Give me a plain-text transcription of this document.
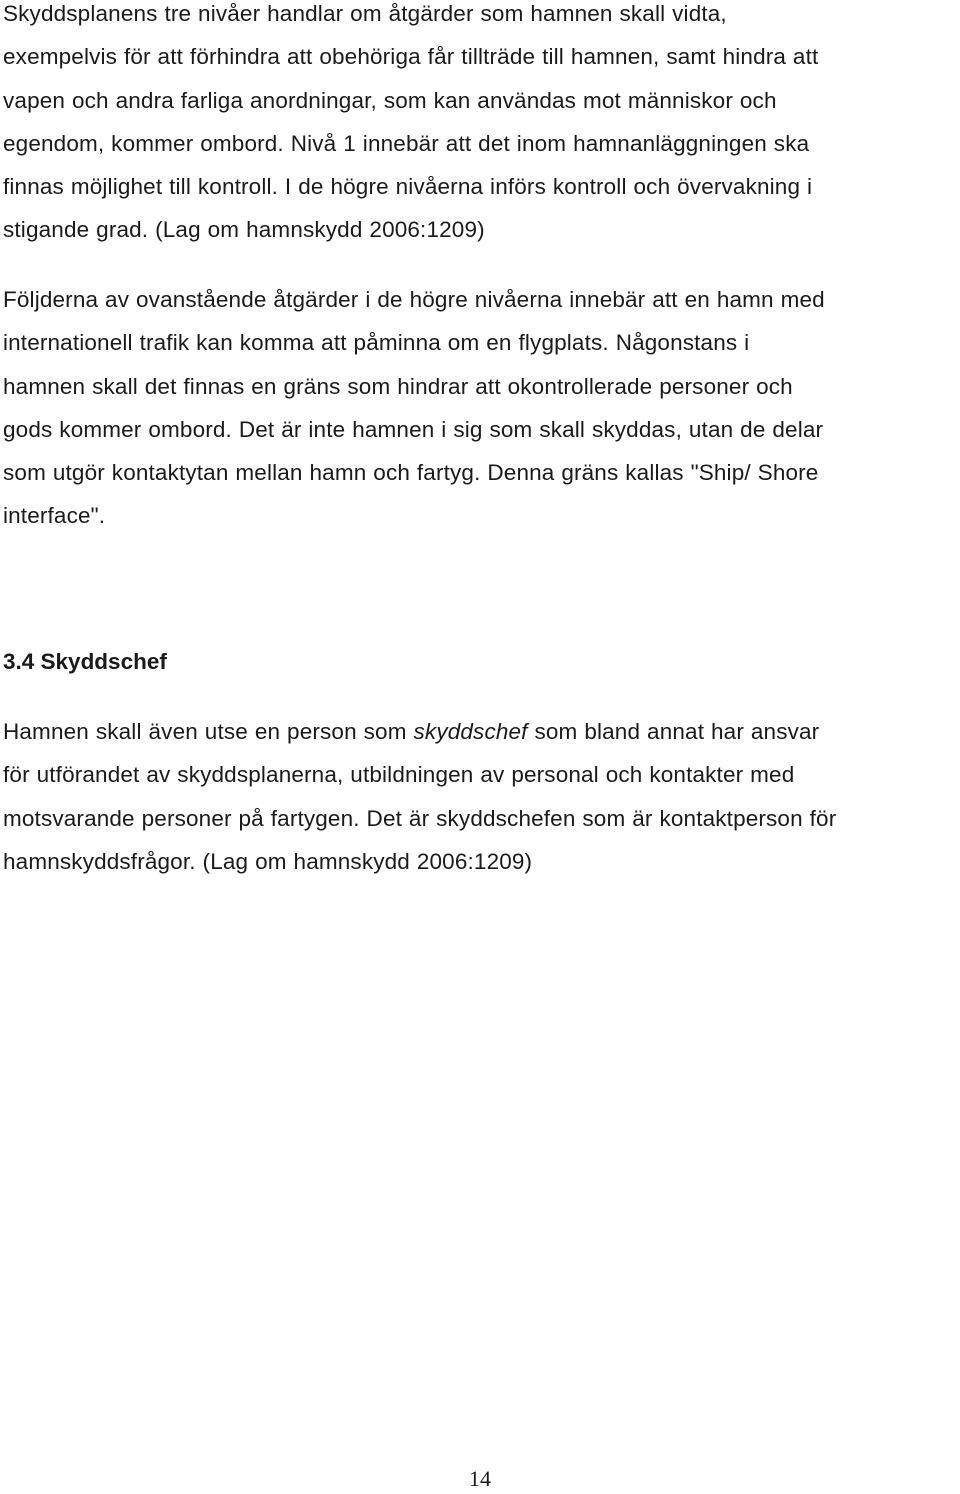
Skyddsplanens tre nivåer handlar om åtgärder som hamnen skall vidta,
exempelvis för att förhindra att obehöriga får tillträde till hamnen, samt hindra att
vapen och andra farliga anordningar, som kan användas mot människor och
egendom, kommer ombord. Nivå 1 innebär att det inom hamnanläggningen ska
finnas möjlighet till kontroll. I de högre nivåerna införs kontroll och övervakning i
stigande grad. (Lag om hamnskydd 2006:1209)

Följderna av ovanstående åtgärder i de högre nivåerna innebär att en hamn med
internationell trafik kan komma att påminna om en flygplats. Någonstans i
hamnen skall det finnas en gräns som hindrar att okontrollerade personer och
gods kommer ombord. Det är inte hamnen i sig som skall skyddas, utan de delar
som utgör kontaktytan mellan hamn och fartyg. Denna gräns kallas "Ship/ Shore
interface".

3.4 Skyddschef

Hamnen skall även utse en person som skyddschef som bland annat har ansvar
för utförandet av skyddsplanerna, utbildningen av personal och kontakter med
motsvarande personer på fartygen. Det är skyddschefen som är kontaktperson för
hamnskyddsfrågor. (Lag om hamnskydd 2006:1209)

14
